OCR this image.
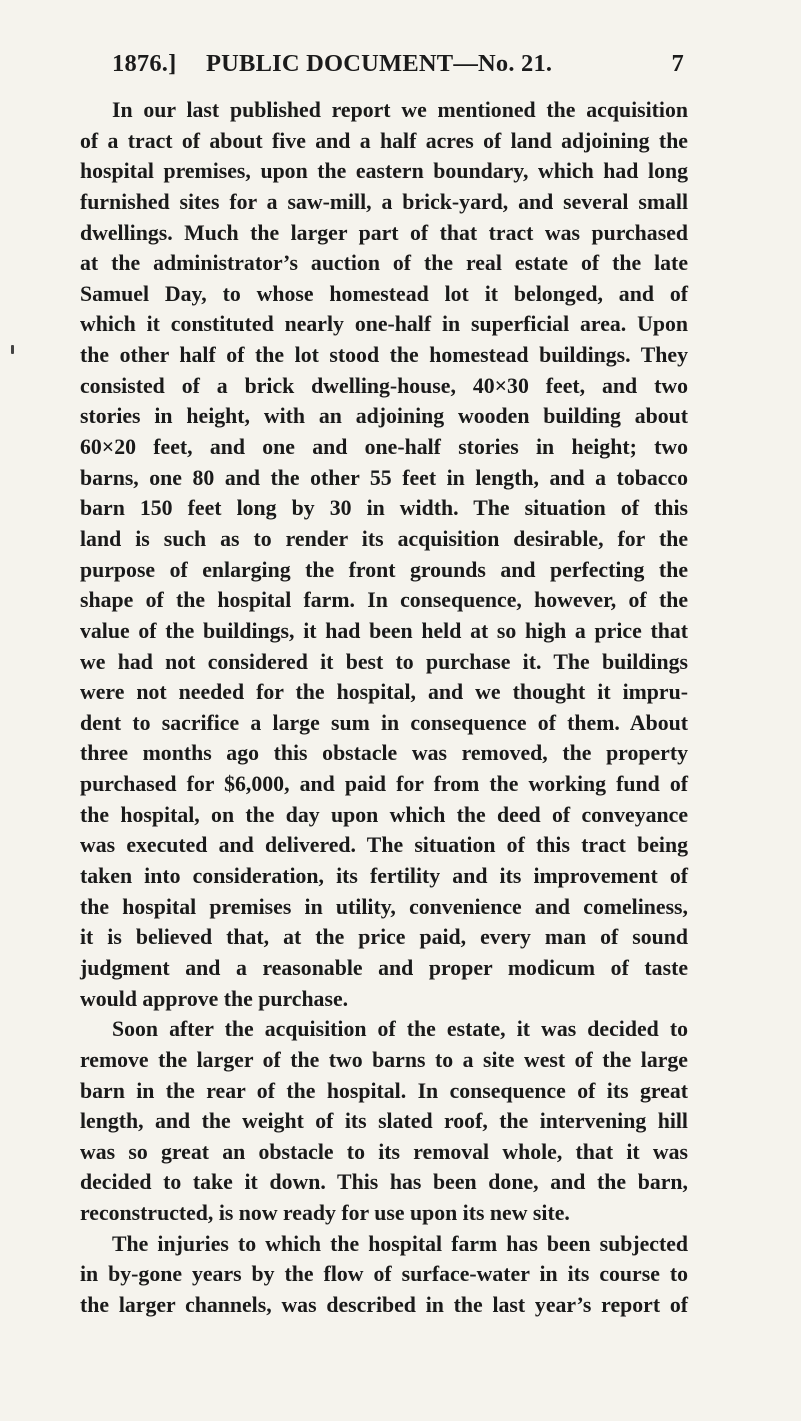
1876.] PUBLIC DOCUMENT—No. 21.	7
In our last published report we mentioned the acquisition
of a tract of about five and a half acres of land adjoining the
hospital premises, upon the eastern boundary, which had long
furnished sites for a saw-mill, a brick-yard, and several small
dwellings. Much the larger part of that tract was purchased
at the administrator’s auction of the real estate of the late
Samuel Day, to whose homestead lot it belonged, and of
which it constituted nearly one-half in superficial area. Upon
the other half of the lot stood the homestead buildings. They
consisted of a brick dwelling-house, 40×30 feet, and two
stories in height, with an adjoining wooden building about
60×20 feet, and one and one-half stories in height; two
barns, one 80 and the other 55 feet in length, and a tobacco
barn 150 feet long by 30 in width. The situation of this
land is such as to render its acquisition desirable, for the
purpose of enlarging the front grounds and perfecting the
shape of the hospital farm. In consequence, however, of the
value of the buildings, it had been held at so high a price that
we had not considered it best to purchase it. The buildings
were not needed for the hospital, and we thought it impru-
dent to sacrifice a large sum in consequence of them. About
three months ago this obstacle was removed, the property
purchased for $6,000, and paid for from the working fund of
the hospital, on the day upon which the deed of conveyance
was executed and delivered. The situation of this tract being
taken into consideration, its fertility and its improvement of
the hospital premises in utility, convenience and comeliness,
it is believed that, at the price paid, every man of sound
judgment and a reasonable and proper modicum of taste
would approve the purchase.
Soon after the acquisition of the estate, it was decided to
remove the larger of the two barns to a site west of the large
barn in the rear of the hospital. In consequence of its great
length, and the weight of its slated roof, the intervening hill
was so great an obstacle to its removal whole, that it was
decided to take it down. This has been done, and the barn,
reconstructed, is now ready for use upon its new site.
The injuries to which the hospital farm has been subjected
in by-gone years by the flow of surface-water in its course to
the larger channels, was described in the last year’s report of
